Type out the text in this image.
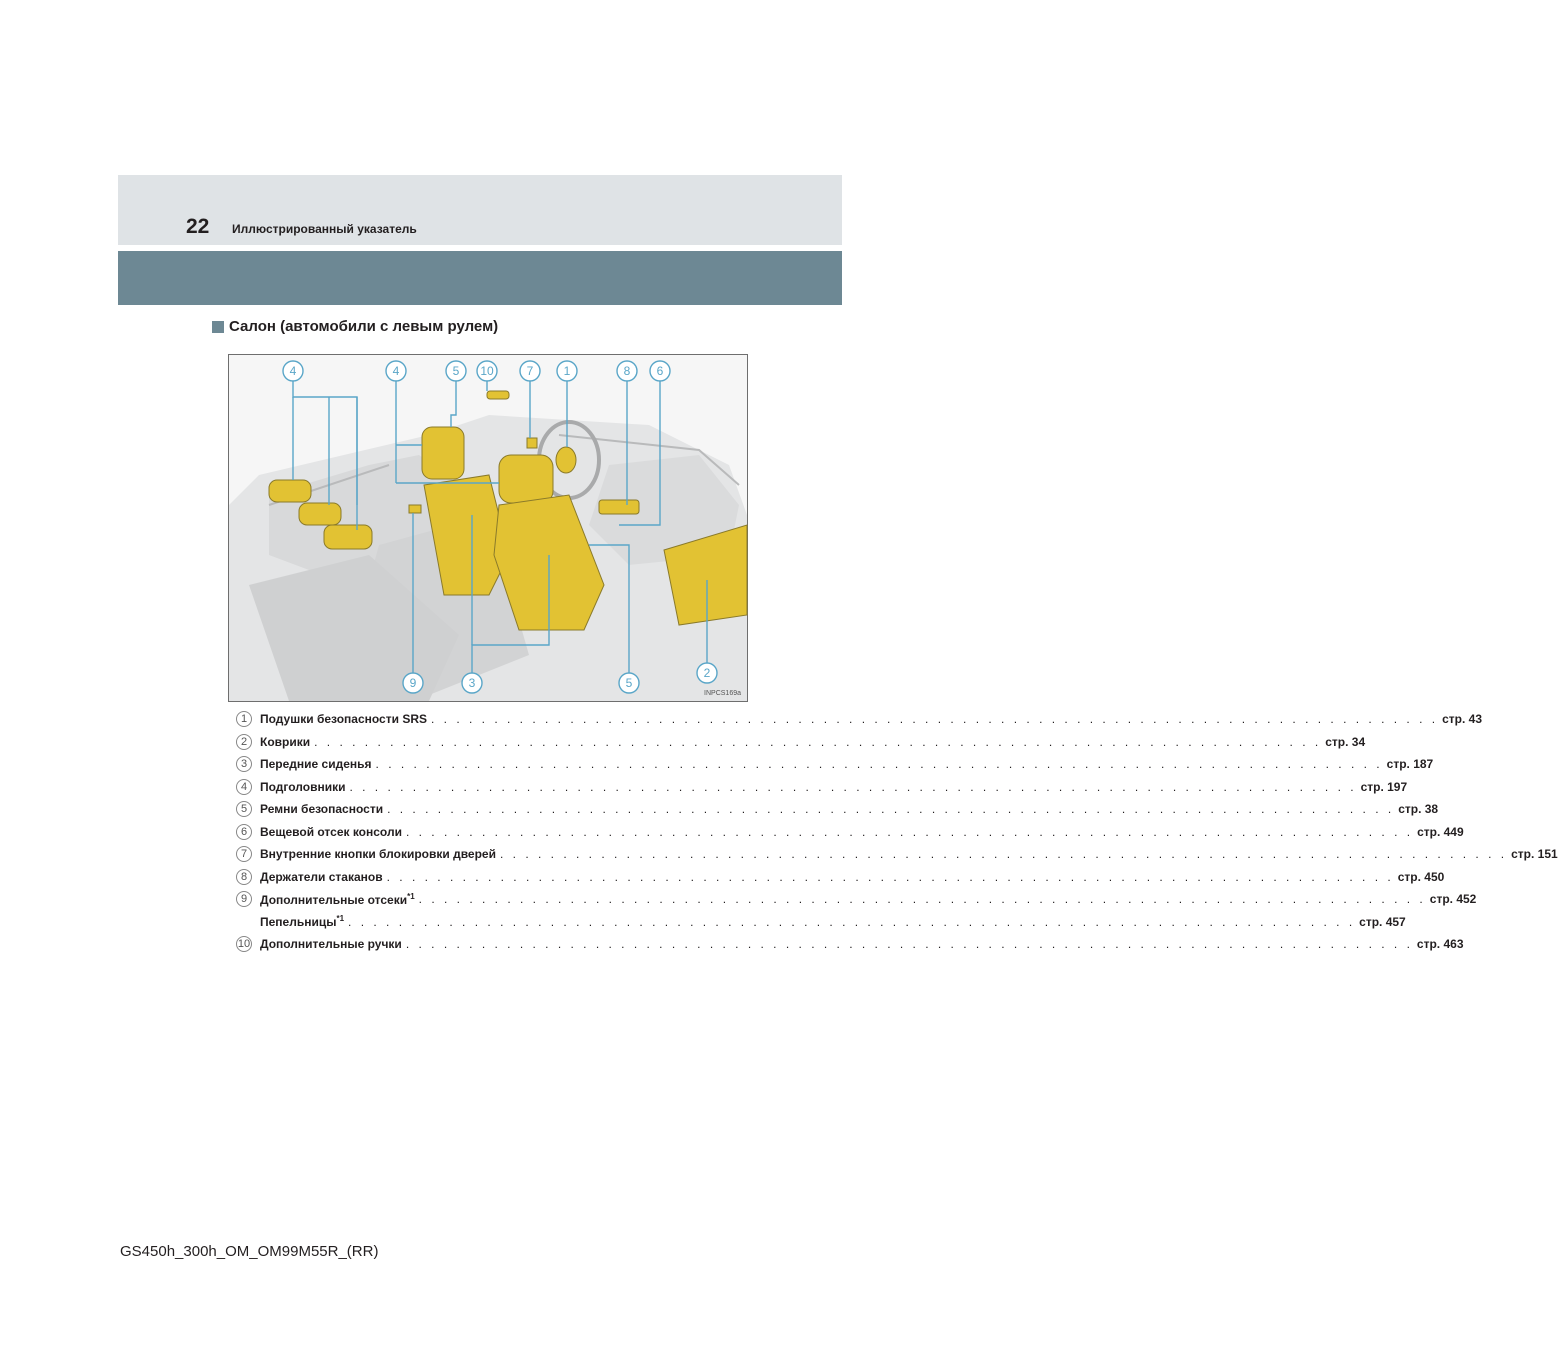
22 Иллюстрированный указатель
Салон (автомобили с левым рулем)
4	4	5 10	7	1	8 6
9	3	5
2
INPCS169a
1	Подушки безопасности SRS . . . . . . . . . . . . . . . . . . . . . . . . . . . . . . . . . . . . . . . . . . . . . . . . . . . . . . . . . . . . . . . . . . . . . . . . . . . . . . . . стр. 43
2	Коврики . . . . . . . . . . . . . . . . . . . . . . . . . . . . . . . . . . . . . . . . . . . . . . . . . . . . . . . . . . . . . . . . . . . . . . . . . . . . . . . . стр. 34
3	Передние сиденья . . . . . . . . . . . . . . . . . . . . . . . . . . . . . . . . . . . . . . . . . . . . . . . . . . . . . . . . . . . . . . . . . . . . . . . . . . . . . . . . стр. 187
4	Подголовники . . . . . . . . . . . . . . . . . . . . . . . . . . . . . . . . . . . . . . . . . . . . . . . . . . . . . . . . . . . . . . . . . . . . . . . . . . . . . . . . стр. 197
5	Ремни безопасности . . . . . . . . . . . . . . . . . . . . . . . . . . . . . . . . . . . . . . . . . . . . . . . . . . . . . . . . . . . . . . . . . . . . . . . . . . . . . . . . стр. 38
6	Вещевой отсек консоли . . . . . . . . . . . . . . . . . . . . . . . . . . . . . . . . . . . . . . . . . . . . . . . . . . . . . . . . . . . . . . . . . . . . . . . . . . . . . . . . стр. 449
7	Внутренние кнопки блокировки дверей . . . . . . . . . . . . . . . . . . . . . . . . . . . . . . . . . . . . . . . . . . . . . . . . . . . . . . . . . . . . . . . . . . . . . . . . . . . . . . . . стр. 151
8	Держатели стаканов . . . . . . . . . . . . . . . . . . . . . . . . . . . . . . . . . . . . . . . . . . . . . . . . . . . . . . . . . . . . . . . . . . . . . . . . . . . . . . . . стр. 450
9	Дополнительные отсеки$^{*1}$ . . . . . . . . . . . . . . . . . . . . . . . . . . . . . . . . . . . . . . . . . . . . . . . . . . . . . . . . . . . . . . . . . . . . . . . . . . . . . . . . стр. 452
Пепельницы$^{*1}$ . . . . . . . . . . . . . . . . . . . . . . . . . . . . . . . . . . . . . . . . . . . . . . . . . . . . . . . . . . . . . . . . . . . . . . . . . . . . . . . . стр. 457
10 Дополнительные ручки . . . . . . . . . . . . . . . . . . . . . . . . . . . . . . . . . . . . . . . . . . . . . . . . . . . . . . . . . . . . . . . . . . . . . . . . . . . . . . . . стр. 463
GS450h_300h_OM_OM99M55R_(RR)
